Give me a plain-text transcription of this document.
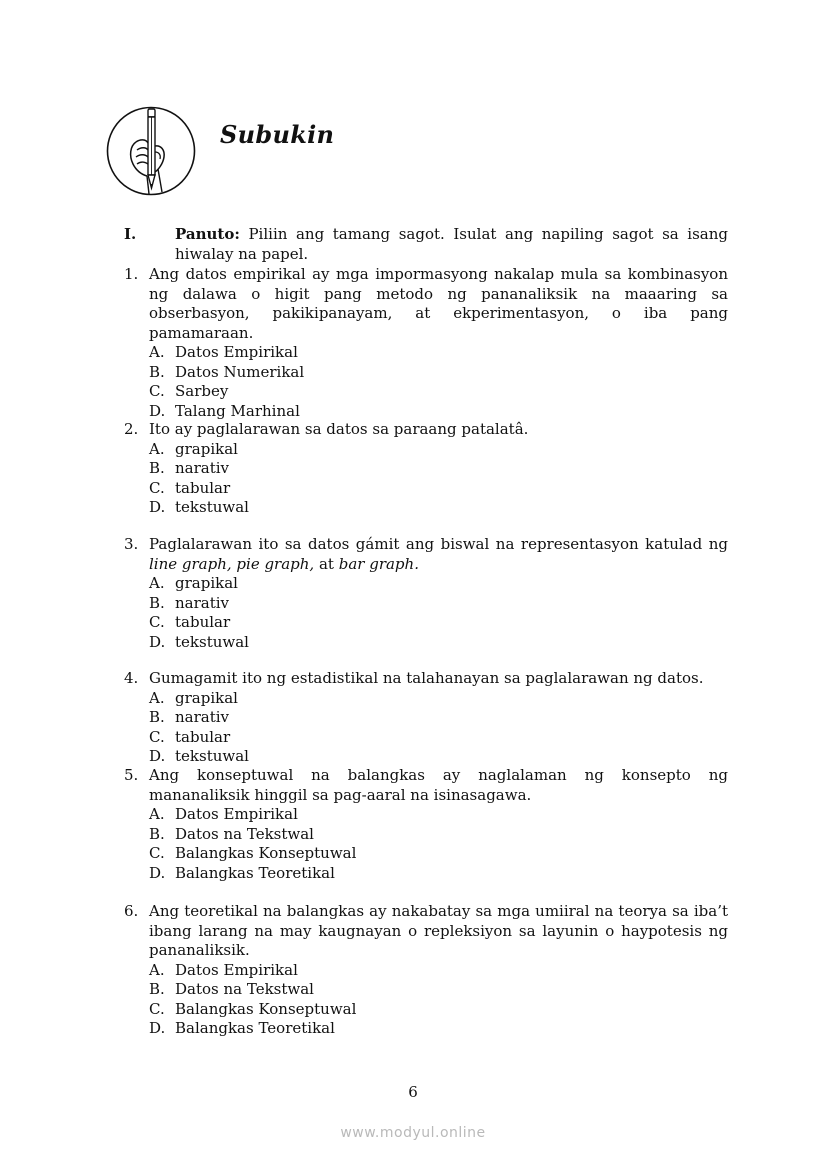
Subukin
I.	Panuto: Piliin ang tamang sagot. Isulat ang napiling sagot sa isang hiwalay na papel.
1. Ang datos empirikal ay mga impormasyong nakalap mula sa kombinasyon ng dalawa o higit pang metodo ng pananaliksik na maaaring sa obserbasyon, pakikipanayam, at ekperimentasyon, o iba pang pamamaraan.
A. Datos Empirikal
B. Datos Numerikal
C. Sarbey
D. Talang Marhinal
2. Ito ay paglalarawan sa datos sa paraang patalatâ.
A. grapikal
B. narativ
C. tabular
D. tekstuwal
3. Paglalarawan ito sa datos gámit ang biswal na representasyon katulad ng line graph, pie graph, at bar graph.
A. grapikal
B. narativ
C. tabular
D. tekstuwal
4. Gumagamit ito ng estadistikal na talahanayan sa paglalarawan ng datos.
A. grapikal
B. narativ
C. tabular
D. tekstuwal
5. Ang konseptuwal na balangkas ay naglalaman ng konsepto ng mananaliksik hinggil sa pag-aaral na isinasagawa.
A. Datos Empirikal
B. Datos na Tekstwal
C. Balangkas Konseptuwal
D. Balangkas Teoretikal
6. Ang teoretikal na balangkas ay nakabatay sa mga umiiral na teorya sa iba’t ibang larang na may kaugnayan o repleksiyon sa layunin o haypotesis ng pananaliksik.
A. Datos Empirikal
B. Datos na Tekstwal
C. Balangkas Konseptuwal
D. Balangkas Teoretikal
6
www.modyul.online
